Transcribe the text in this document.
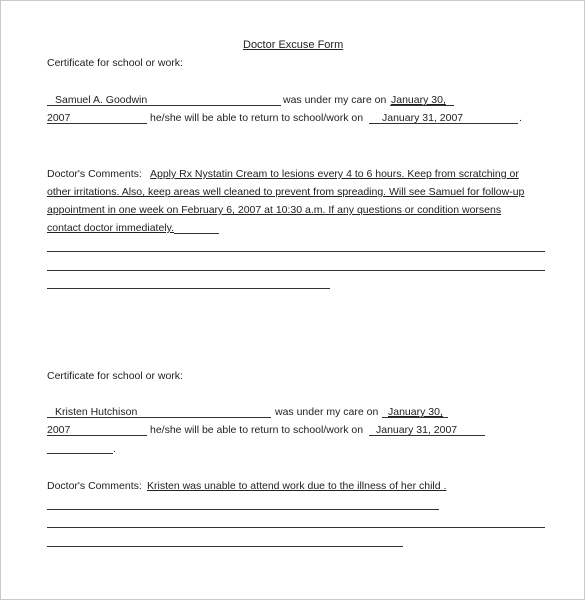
Doctor Excuse Form
Certificate for school or work:
Samuel A. Goodwin	was under my care on January 30,
2007	he/she will be able to return to school/work on January 31, 2007	.
Doctor's Comments: Apply Rx Nystatin Cream to lesions every 4 to 6 hours. Keep from scratching or
other irritations. Also, keep areas well cleaned to prevent from spreading. Will see Samuel for follow-up
appointment in one week on February 6, 2007 at 10:30 a.m. If any questions or condition worsens
contact doctor immediately.
Certificate for school or work:
Kristen Hutchison	was under my care on January 30,
2007	he/she will be able to return to school/work on January 31, 2007
.
Doctor's Comments: Kristen was unable to attend work due to the illness of her child .
